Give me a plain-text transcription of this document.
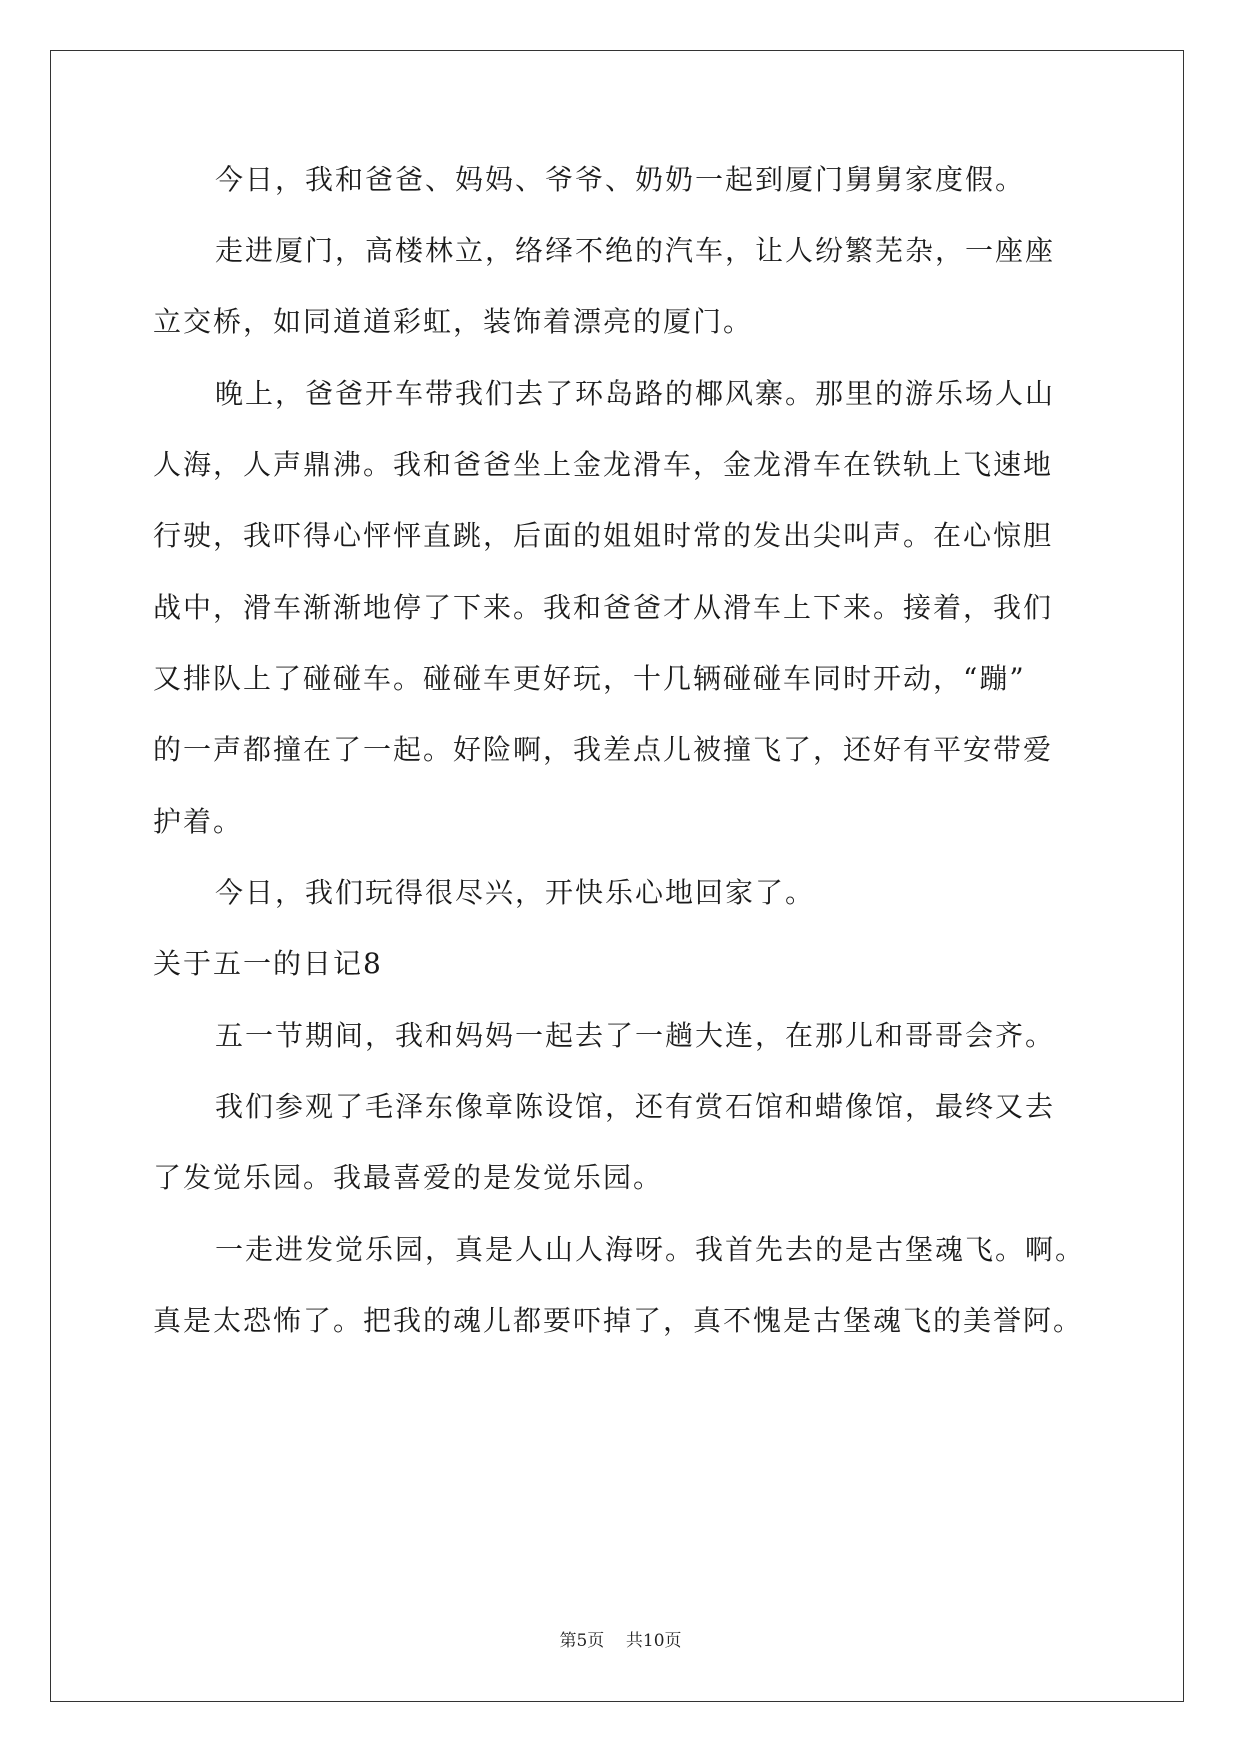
今日，我和爸爸、妈妈、爷爷、奶奶一起到厦门舅舅家度假。
走进厦门，高楼林立，络绎不绝的汽车，让人纷繁芜杂，一座座
立交桥，如同道道彩虹，装饰着漂亮的厦门。
晚上，爸爸开车带我们去了环岛路的椰风寨。那里的游乐场人山
人海，人声鼎沸。我和爸爸坐上金龙滑车，金龙滑车在铁轨上飞速地
行驶，我吓得心怦怦直跳，后面的姐姐时常的发出尖叫声。在心惊胆
战中，滑车渐渐地停了下来。我和爸爸才从滑车上下来。接着，我们
又排队上了碰碰车。碰碰车更好玩，十几辆碰碰车同时开动，“蹦”
的一声都撞在了一起。好险啊，我差点儿被撞飞了，还好有平安带爱
护着。
今日，我们玩得很尽兴，开快乐心地回家了。
关于五一的日记8
五一节期间，我和妈妈一起去了一趟大连，在那儿和哥哥会齐。
我们参观了毛泽东像章陈设馆，还有赏石馆和蜡像馆，最终又去
了发觉乐园。我最喜爱的是发觉乐园。
一走进发觉乐园，真是人山人海呀。我首先去的是古堡魂飞。啊。
真是太恐怖了。把我的魂儿都要吓掉了，真不愧是古堡魂飞的美誉阿。
第5页 共10页
